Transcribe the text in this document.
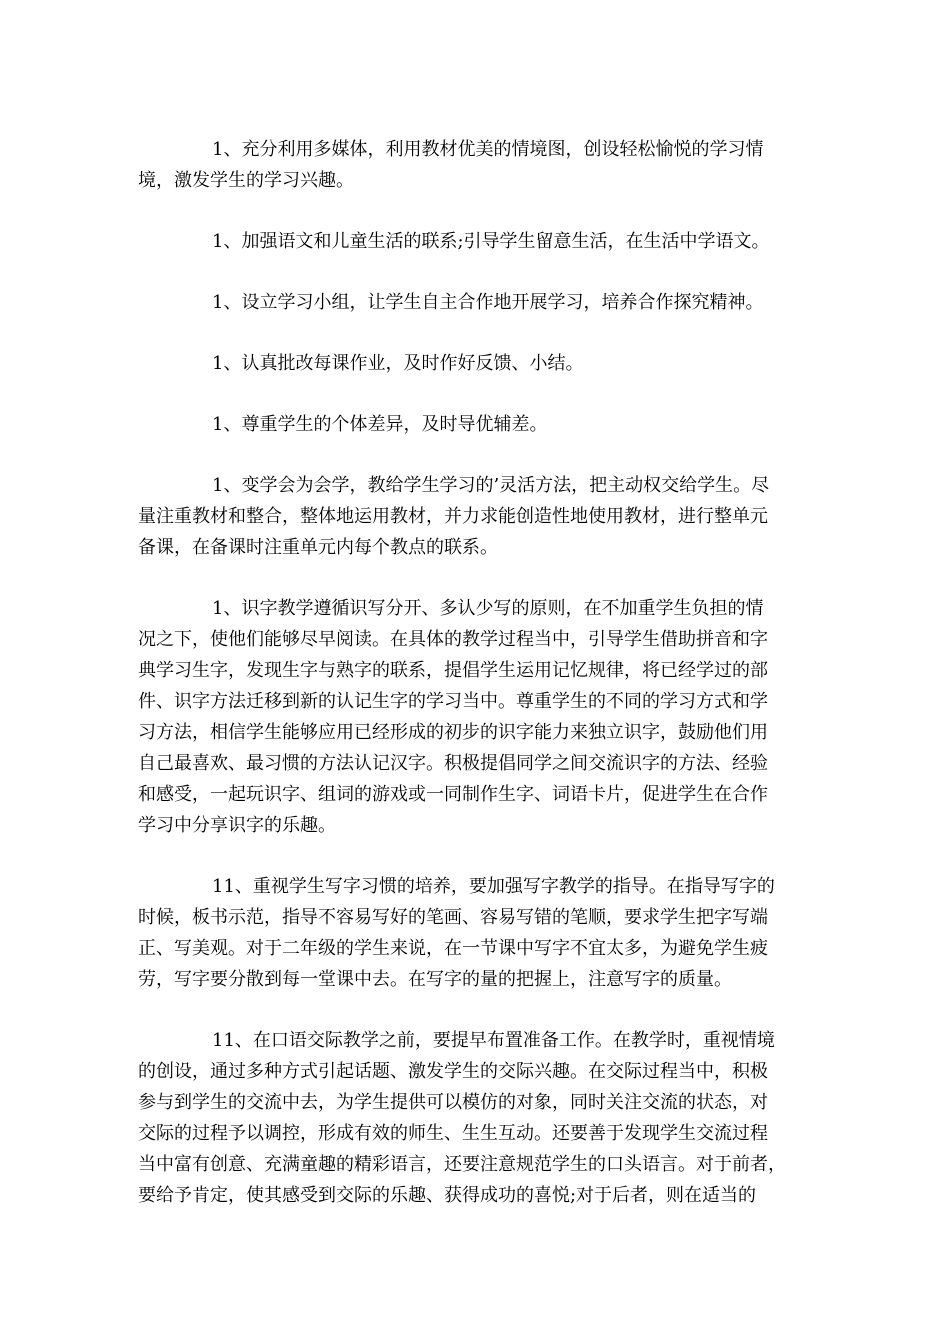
1、充分利用多媒体，利用教材优美的情境图，创设轻松愉悦的学习情
境，激发学生的学习兴趣。
1、加强语文和儿童生活的联系;引导学生留意生活，在生活中学语文。
1、设立学习小组，让学生自主合作地开展学习，培养合作探究精神。
1、认真批改每课作业，及时作好反馈、小结。
1、尊重学生的个体差异，及时导优辅差。
1、变学会为会学，教给学生学习的’灵活方法，把主动权交给学生。尽
量注重教材和整合，整体地运用教材，并力求能创造性地使用教材，进行整单元
备课，在备课时注重单元内每个教点的联系。
1、识字教学遵循识写分开、多认少写的原则，在不加重学生负担的情
况之下，使他们能够尽早阅读。在具体的教学过程当中，引导学生借助拼音和字
典学习生字，发现生字与熟字的联系，提倡学生运用记忆规律，将已经学过的部
件、识字方法迁移到新的认记生字的学习当中。尊重学生的不同的学习方式和学
习方法，相信学生能够应用已经形成的初步的识字能力来独立识字，鼓励他们用
自己最喜欢、最习惯的方法认记汉字。积极提倡同学之间交流识字的方法、经验
和感受，一起玩识字、组词的游戏或一同制作生字、词语卡片，促进学生在合作
学习中分享识字的乐趣。
11、重视学生写字习惯的培养，要加强写字教学的指导。在指导写字的
时候，板书示范，指导不容易写好的笔画、容易写错的笔顺，要求学生把字写端
正、写美观。对于二年级的学生来说，在一节课中写字不宜太多，为避免学生疲
劳，写字要分散到每一堂课中去。在写字的量的把握上，注意写字的质量。
11、在口语交际教学之前，要提早布置准备工作。在教学时，重视情境
的创设，通过多种方式引起话题、激发学生的交际兴趣。在交际过程当中，积极
参与到学生的交流中去，为学生提供可以模仿的对象，同时关注交流的状态，对
交际的过程予以调控，形成有效的师生、生生互动。还要善于发现学生交流过程
当中富有创意、充满童趣的精彩语言，还要注意规范学生的口头语言。对于前者，
要给予肯定，使其感受到交际的乐趣、获得成功的喜悦;对于后者，则在适当的
